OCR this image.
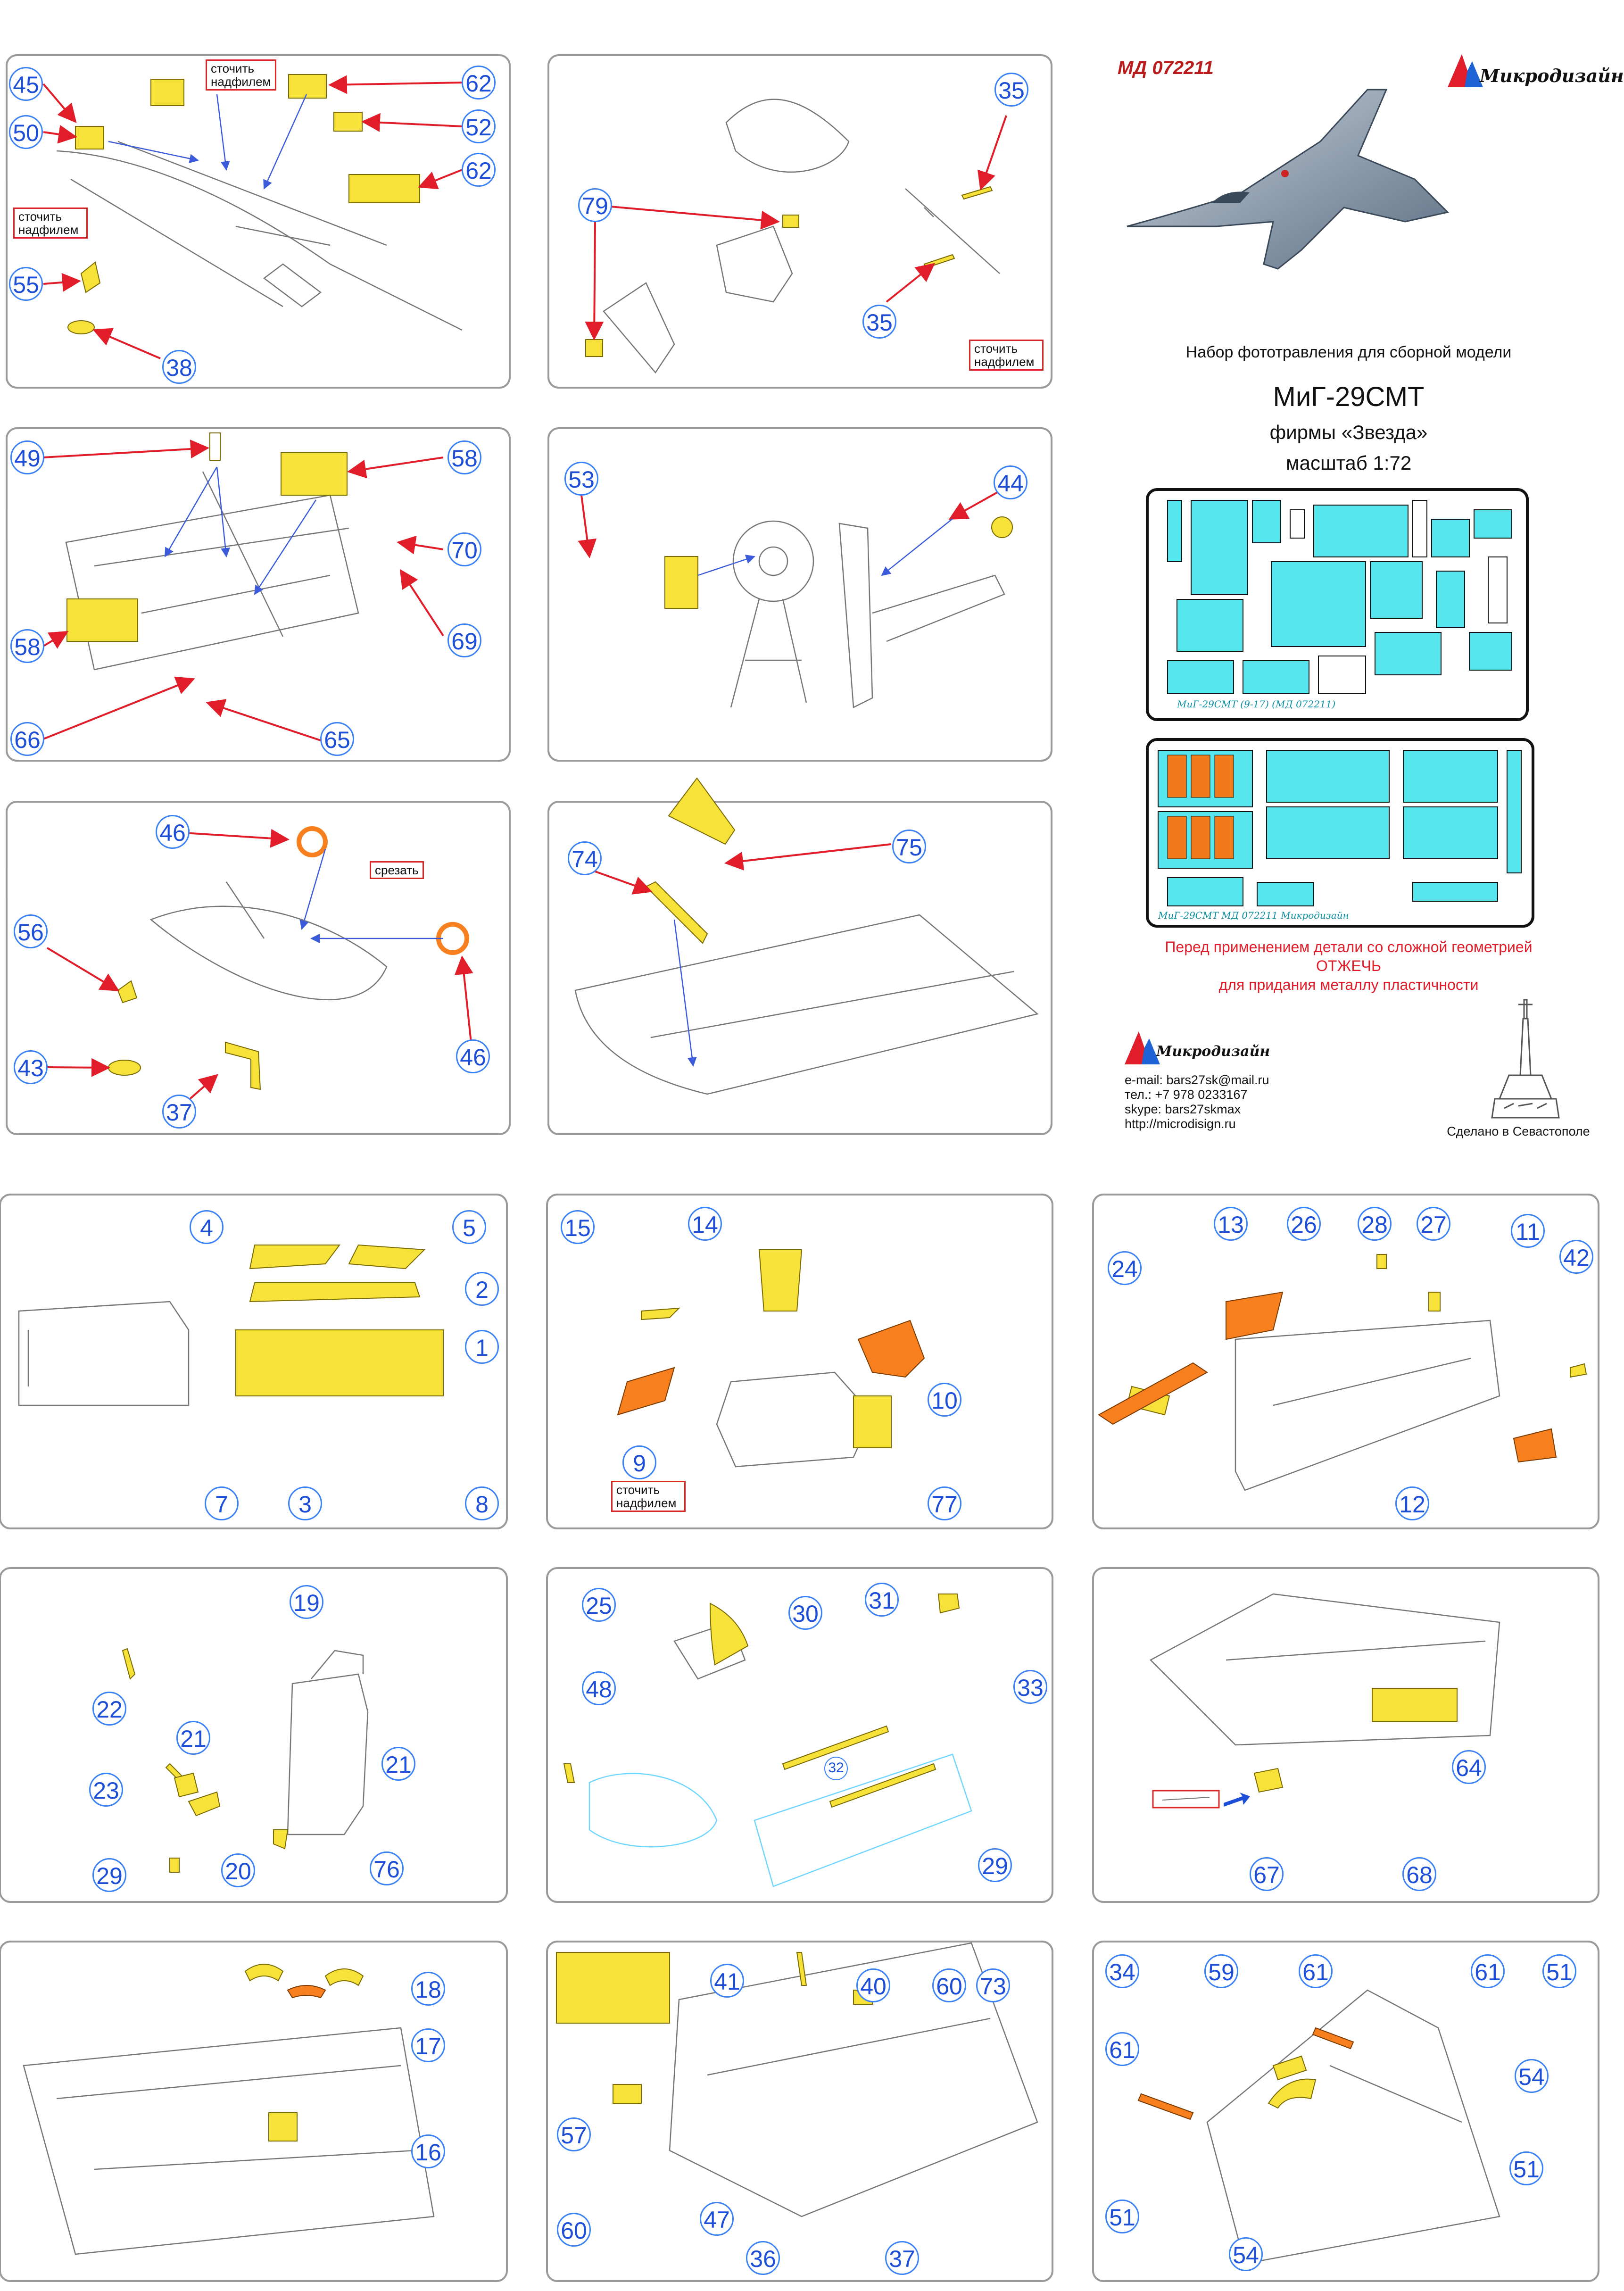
МД 072211	Микродизайн
Набор фототравления для сборной модели
МиГ-29СМТ
фирмы «Звезда»
масштаб 1:72
МиГ-29СМТ (9-17) (МД 072211)
МиГ-29СМТ МД 072211 Микродизайн
Перед применением детали со сложной геометрией
ОТЖЕЧЬ
для придания металлу пластичности
Микродизайн
e-mail: bars27sk@mail.ru
тел.: +7 978 0233167
skype: bars27skmax
http://microdisign.ru
Сделано в Севастополе
сточить надфилем
сточить надфилем
сточить надфилем
срезать
сточить надфилем
45
50
62
52
62
55
38
79
35
35
49	58
70
69
58
66	65
53	44
46
56
43
37
46
74	75
4	5
2
1
7	3	8
15	14
10
9
77
13 26 28 27	11
42
24
12
19
22
21
21
23
20
29	76
25	30 31
33
48
32
29
64
67	68
18
17
16
41	40 60 73
57
60	47
36	37
34	59	61	61 51
61
54
51
51
54
